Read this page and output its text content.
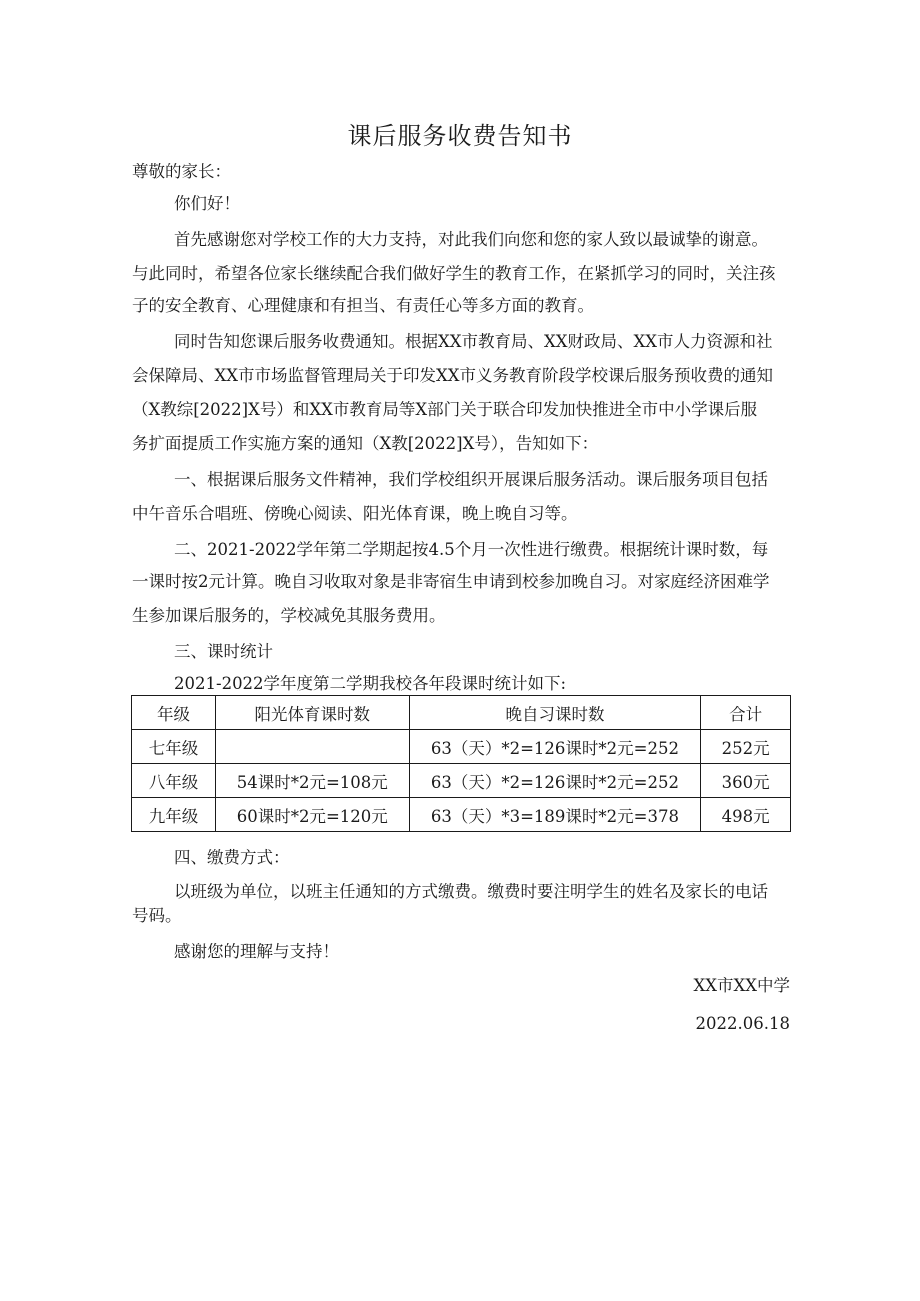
课后服务收费告知书
尊敬的家长：
你们好！
首先感谢您对学校工作的大力支持，对此我们向您和您的家人致以最诚挚的谢意。
与此同时，希望各位家长继续配合我们做好学生的教育工作，在紧抓学习的同时，关注孩
子的安全教育、心理健康和有担当、有责任心等多方面的教育。
同时告知您课后服务收费通知。根据XX市教育局、XX财政局、XX市人力资源和社
会保障局、XX市市场监督管理局关于印发XX市义务教育阶段学校课后服务预收费的通知
（X教综[2022]X号）和XX市教育局等X部门关于联合印发加快推进全市中小学课后服
务扩面提质工作实施方案的通知（X教[2022]X号），告知如下：
一、根据课后服务文件精神，我们学校组织开展课后服务活动。课后服务项目包括
中午音乐合唱班、傍晚心阅读、阳光体育课，晚上晚自习等。
二、2021-2022学年第二学期起按4.5个月一次性进行缴费。根据统计课时数，每
一课时按2元计算。晚自习收取对象是非寄宿生申请到校参加晚自习。对家庭经济困难学
生参加课后服务的，学校减免其服务费用。
三、课时统计
2021-2022学年度第二学期我校各年段课时统计如下:
年级	阳光体育课时数	晚自习课时数	合计
七年级		63（天）*2=126课时*2元=252	252元
八年级	54课时*2元=108元	63（天）*2=126课时*2元=252	360元
九年级	60课时*2元=120元	63（天）*3=189课时*2元=378	498元
四、缴费方式：
以班级为单位，以班主任通知的方式缴费。缴费时要注明学生的姓名及家长的电话
号码。
感谢您的理解与支持！
XX市XX中学
2022.06.18
